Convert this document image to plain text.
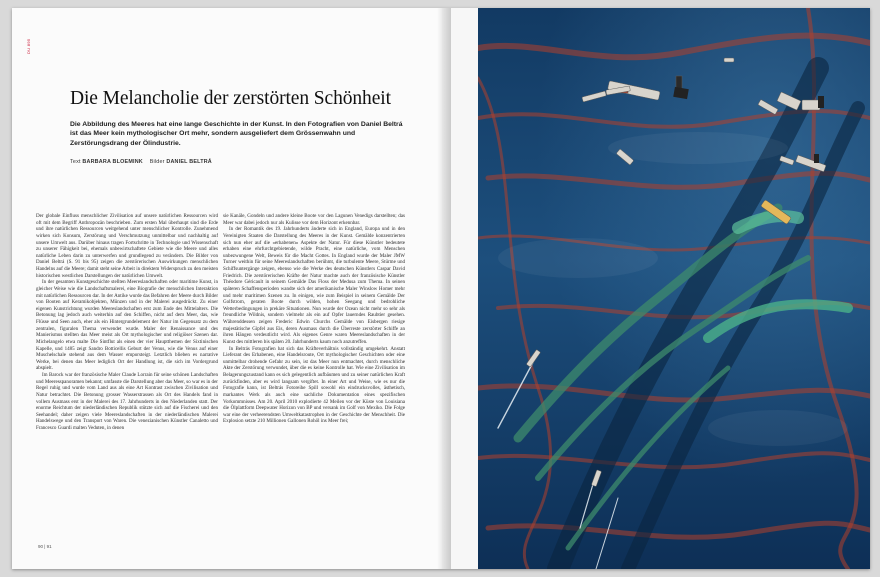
DU 895
Die Melancholie der zerstörten Schönheit

Die Abbildung des Meeres hat eine lange Geschichte in der Kunst. In den Fotografien von Daniel Beltrá ist das Meer kein mythologischer Ort mehr, sondern ausgeliefert dem Grössenwahn und Zerstörungsdrang der Ölindustrie.

Text BARBARA BLOEMINK Bilder DANIEL BELTRÁ

Der globale Einfluss menschlicher Zivilisation auf unsere natürlichen Ressourcen wird oft mit dem Begriff Anthropozän beschrieben. Zum ersten Mal überhaupt sind die Erde und ihre natürlichen Ressourcen weitgehend unter menschlicher Kontrolle. Zunehmend wirken sich Konsum, Zerstörung und Verschmutzung unmittelbar und nachhaltig auf unsere Umwelt aus. Darüber hinaus tragen Fortschritte in Technologie und Wissenschaft zu unserer Fähigkeit bei, ehemals unbewirtschaftete Gebiete wie die Meere und alles natürliche Leben darin zu unterwerfen und grundlegend zu verändern. Die Bilder von Daniel Beltrá (S. 91 bis 95) zeigen die zerstörerischen Auswirkungen menschlichen Handelns auf die Meere; damit steht seine Arbeit in direktem Widerspruch zu den meisten historischen westlichen Darstellungen der natürlichen Umwelt.

In der gesamten Kunstgeschichte stellten Meereslandschaften oder maritime Kunst, in gleicher Weise wie die Landschaftsmalerei, eine Biografie der menschlichen Interaktion mit natürlichen Ressourcen dar. In der Antike wurde das Befahren der Meere durch Bilder von Booten auf Keramikobjekten, Münzen und in der Malerei ausgedrückt. Zu einer eigenen Kunstrichtung wurden Meereslandschaften erst zum Ende des Mittelalters. Die Betonung lag jedoch auch weiterhin auf den Schiffen, nicht auf dem Meer, das, wie Flüsse und Seen auch, eher als ein Hintergrundelement der Natur im Gegensatz zu dem zentralen, figuralen Thema verwendet wurde. Maler der Renaissance und des Manierismus stellten das Meer meist als Ort mythologischer und religiöser Szenen dar. Michelangelo etwa malte Die Sintflut als einen der vier Hauptthemen der Sixtinischen Kapelle, und 1485 zeigt Sandro Botticellis Geburt der Venus, wie die Venus auf einer Muschelschale stehend aus dem Wasser emporsteigt. Letztlich blieben es narrative Werke, bei denen das Meer lediglich Ort der Handlung ist, die sich im Vordergrund abspielt.

Im Barock war der französische Maler Claude Lorrain für seine schönen Landschaften und Meeresspanoramen bekannt; umfasste die Darstellung aber das Meer, so war es in der Regel ruhig und wurde vom Land aus als eine Art Kontrast zwischen Zivilisation und Natur betrachtet. Die Betonung grosser Wasserstrassen als Ort des Handels fand in vollem Ausmass erst in der Malerei des 17. Jahrhunderts in den Niederlanden statt. Der enorme Reichtum der niederländischen Republik stützte sich auf die Fischerei und den Seehandel; daher zeigen viele Meereslandschaften in der niederländischen Malerei Handelswege und den Transport von Waren. Die venezianischen Künstler Canaletto und Francesco Guardi malten Veduten, in denen

sie Kanäle, Gondeln und andere kleine Boote vor den Lagunen Venedigs darstellten; das Meer war dabei jedoch nur als Kulisse vor dem Horizont erkennbar.

In der Romantik des 19. Jahrhunderts änderte sich in England, Europa und in den Vereinigten Staaten die Darstellung des Meeres in der Kunst. Gemälde konzentrierten sich nun eher auf die «erhabenen» Aspekte der Natur. Für diese Künstler bedeutete erhaben eine ehrfurchtgebietende, wilde Pracht, eine natürliche, vom Menschen unbezwungene Welt, Beweis für die Macht Gottes. In England wurde der Maler JMW Turner weithin für seine Meereslandschaften berühmt, die turbulente Meere, Stürme und Schiffsuntergänge zeigen, ebenso wie die Werke des deutschen Künstlers Caspar David Friedrich. Die zerstörerischen Kräfte der Natur machte auch der französische Künstler Théodore Géricault in seinem Gemälde Das Floss der Medusa zum Thema. In seinen späteren Schaffensperioden wandte sich der amerikanische Maler Winslow Homer mehr und mehr maritimen Szenen zu. In einigen, wie zum Beispiel in seinem Gemälde Der Golfstrom, geraten Boote durch wilden, hohen Seegang und bedrohliche Wetterbedingungen in prekäre Situationen. Nun wurde der Ozean nicht mehr so sehr als freundliche Wildnis, sondern vielmehr als ein auf Opfer lauerndes Raubtier gesehen. Währenddessen zeigen Frederic Edwin Churchs Gemälde von Eisbergen riesige majestätische Gipfel aus Eis, deren Ausmass durch die Überreste zerstörter Schiffe an ihren Hängen verdeutlicht wird. Als eigenes Genre waren Meereslandschaften in der Kunst des mittleren bis späten 20. Jahrhunderts kaum noch anzutreffen.

In Beltrás Fotografien hat sich das Kräfteverhältnis vollständig umgekehrt. Anstatt Lieferant des Erhabenen, eine Handelsroute, Ort mythologischer Geschichten oder eine unmittelbar drohende Gefahr zu sein, ist das Meer nun entmachtet, durch menschliche Akte der Zerstörung verwundet, über die es keine Kontrolle hat. Wie eine Zivilisation im Belagerungszustand kann es sich gelegentlich aufbäumen und zu seiner natürlichen Kraft zurückfinden, aber es wird langsam vergiftet. In einer Art und Weise, wie es nur die Fotografie kann, ist Beltrás Fotoreihe Spill sowohl ein eindrucksvolles, ästhetisch, markantes Werk als auch eine sachliche Dokumentation eines spezifischen Vorkommnisses. Am 20. April 2010 explodierte 42 Meilen vor der Küste von Louisiana die Ölplattform Deepwater Horizon von BP und versank im Golf von Mexiko. Die Folge war eine der verheerendsten Umweltkatastrophen in der Geschichte der Menschheit. Die Explosion setzte 210 Millionen Gallonen Rohöl ins Meer frei;

90 | 91
